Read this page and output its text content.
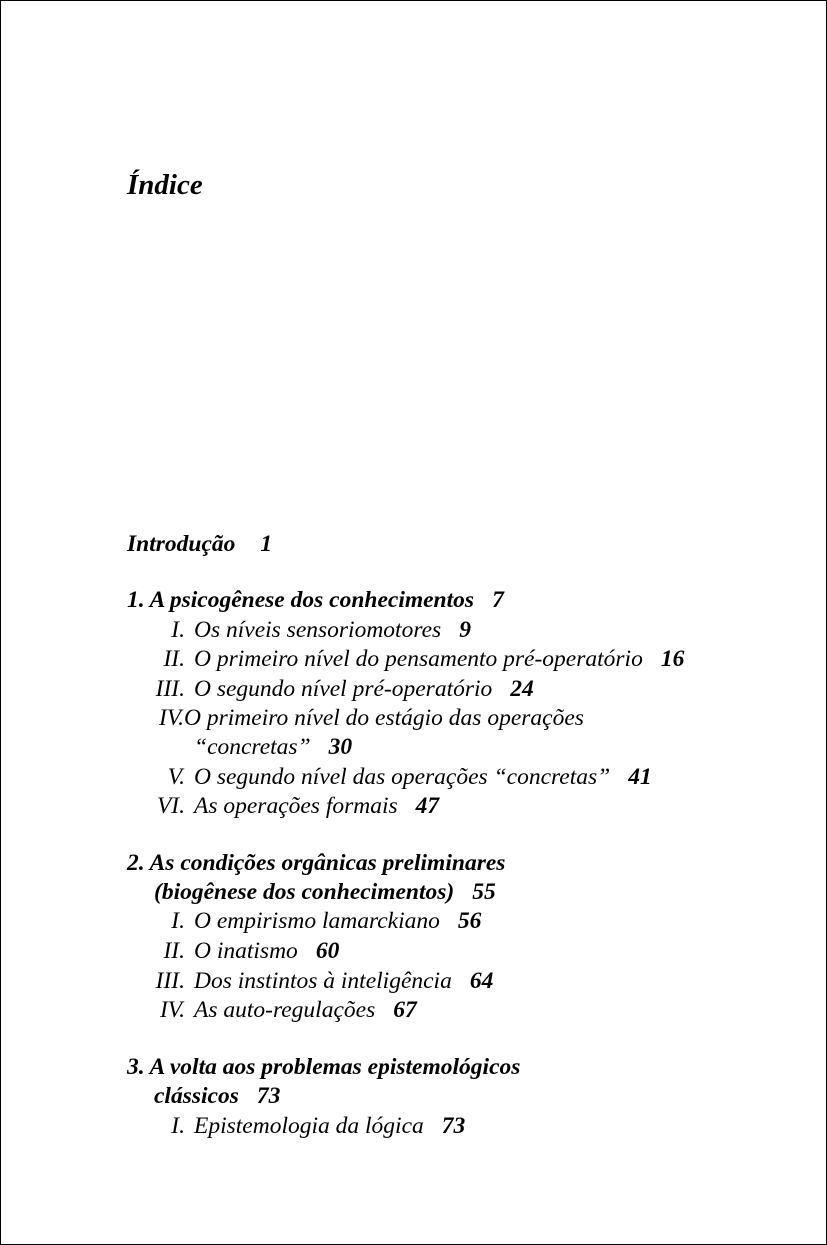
Índice
Introdução 1
1. A psicogênese dos conhecimentos 7
I. Os níveis sensoriomotores 9
II. O primeiro nível do pensamento pré-operatório 16
III. O segundo nível pré-operatório 24
IV.O primeiro nível do estágio das operações
“concretas” 30
V. O segundo nível das operações “concretas” 41
VI. As operações formais 47
2. As condições orgânicas preliminares
(biogênese dos conhecimentos) 55
I. O empirismo lamarckiano 56
II. O inatismo 60
III. Dos instintos à inteligência 64
IV. As auto-regulações 67
3. A volta aos problemas epistemológicos
clássicos 73
I. Epistemologia da lógica 73
